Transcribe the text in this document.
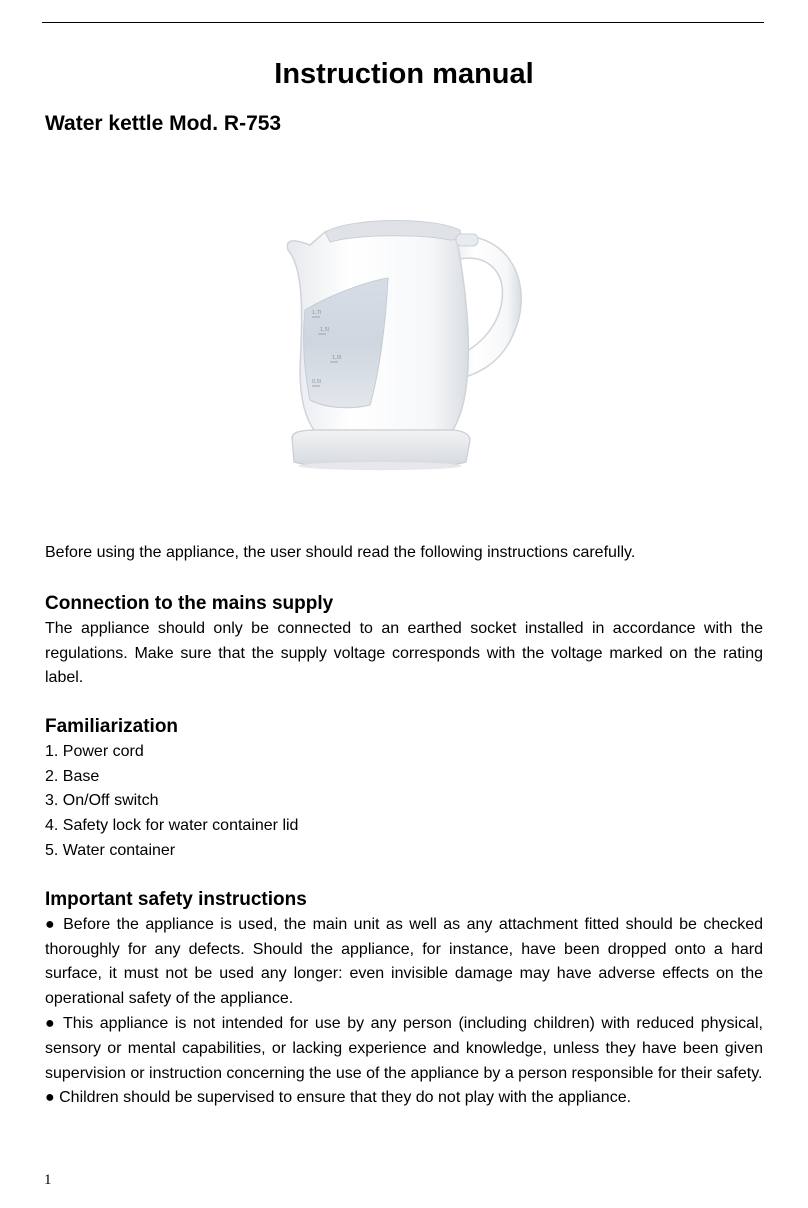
Instruction manual
Water kettle Mod. R-753
1,7l
1,5l
1,0l
0,5l

Before using the appliance, the user should read the following instructions carefully.

Connection to the mains supply

The appliance should only be connected to an earthed socket installed in accordance with the regulations. Make sure that the supply voltage corresponds with the voltage marked on the rating label.

Familiarization
1. Power cord
2. Base
3. On/Off switch
4. Safety lock for water container lid
5. Water container
Important safety instructions

● Before the appliance is used, the main unit as well as any attachment fitted should be checked thoroughly for any defects. Should the appliance, for instance, have been dropped onto a hard surface, it must not be used any longer: even invisible damage may have adverse effects on the operational safety of the appliance.

● This appliance is not intended for use by any person (including children) with reduced physical, sensory or mental capabilities, or lacking experience and knowledge, unless they have been given supervision or instruction concerning the use of the appliance by a person responsible for their safety.

● Children should be supervised to ensure that they do not play with the appliance.

1
